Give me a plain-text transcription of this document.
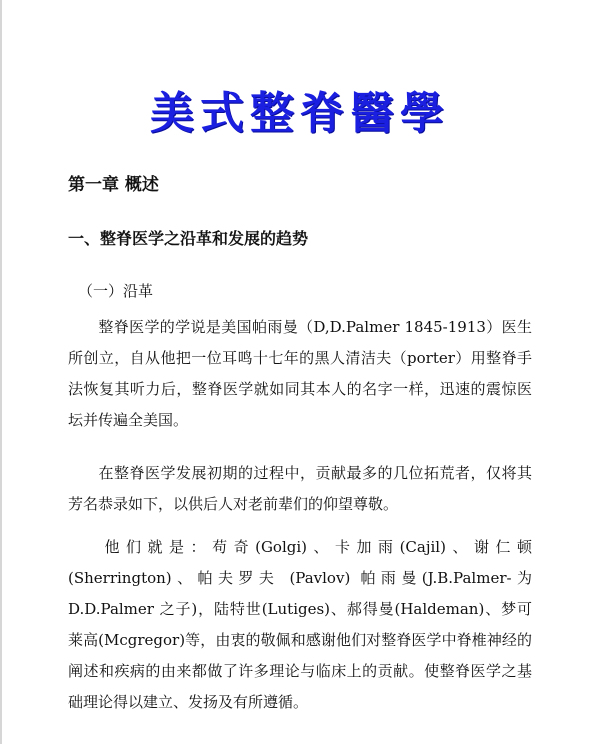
美式整脊醫學
第一章 概述
一、整脊医学之沿革和发展的趋势
（一）沿革
整脊医学的学说是美国帕雨曼（D,D.Palmer 1845-1913）医生所创立，自从他把一位耳鸣十七年的黑人清洁夫（porter）用整脊手法恢复其听力后，整脊医学就如同其本人的名字一样，迅速的震惊医坛并传遍全美国。
在整脊医学发展初期的过程中，贡献最多的几位拓荒者，仅将其芳名恭录如下，以供后人对老前辈们的仰望尊敬。
他们就是：苟奇(Golgi)、卡加雨(Cajil)、谢仁顿 (Sherrington)、帕夫罗夫 (Pavlov) 帕雨曼(J.B.Palmer-为 D.D.Palmer 之子)，陆特世(Lutiges)、郝得曼(Haldeman)、梦可莱高(Mcgregor)等，由衷的敬佩和感谢他们对整脊医学中脊椎神经的阐述和疾病的由来都做了许多理论与临床上的贡献。使整脊医学之基础理论得以建立、发扬及有所遵循。
